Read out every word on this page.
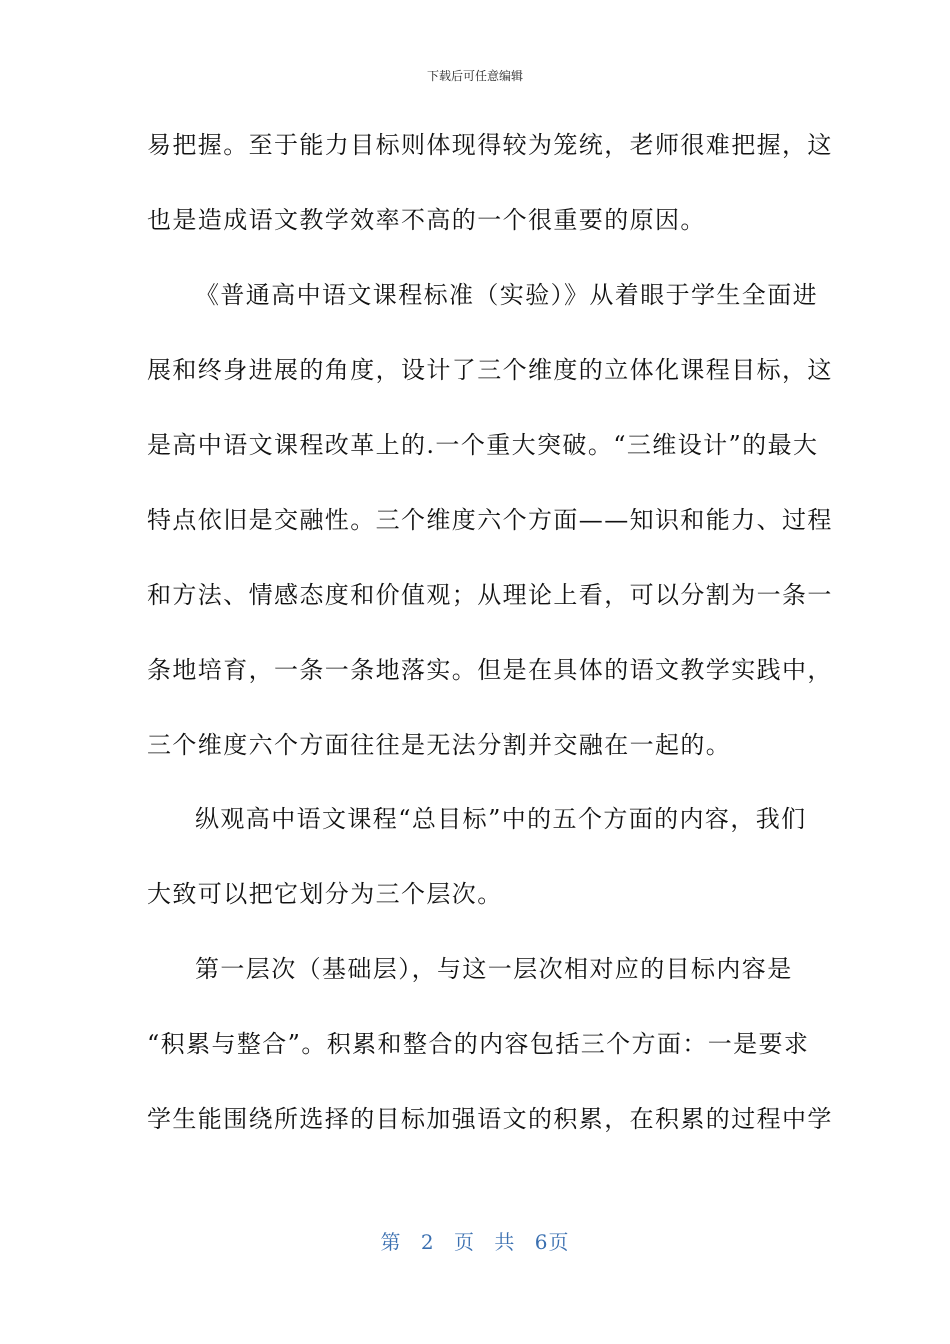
下载后可任意编辑
易把握。至于能力目标则体现得较为笼统，老师很难把握，这
也是造成语文教学效率不高的一个很重要的原因。
《普通高中语文课程标准（实验）》从着眼于学生全面进
展和终身进展的角度，设计了三个维度的立体化课程目标，这
是高中语文课程改革上的.一个重大突破。“三维设计”的最大
特点依旧是交融性。三个维度六个方面——知识和能力、过程
和方法、情感态度和价值观；从理论上看，可以分割为一条一
条地培育，一条一条地落实。但是在具体的语文教学实践中，
三个维度六个方面往往是无法分割并交融在一起的。
纵观高中语文课程“总目标”中的五个方面的内容，我们
大致可以把它划分为三个层次。
第一层次（基础层），与这一层次相对应的目标内容是
“积累与整合”。积累和整合的内容包括三个方面：一是要求
学生能围绕所选择的目标加强语文的积累，在积累的过程中学
第 2 页 共 6页
